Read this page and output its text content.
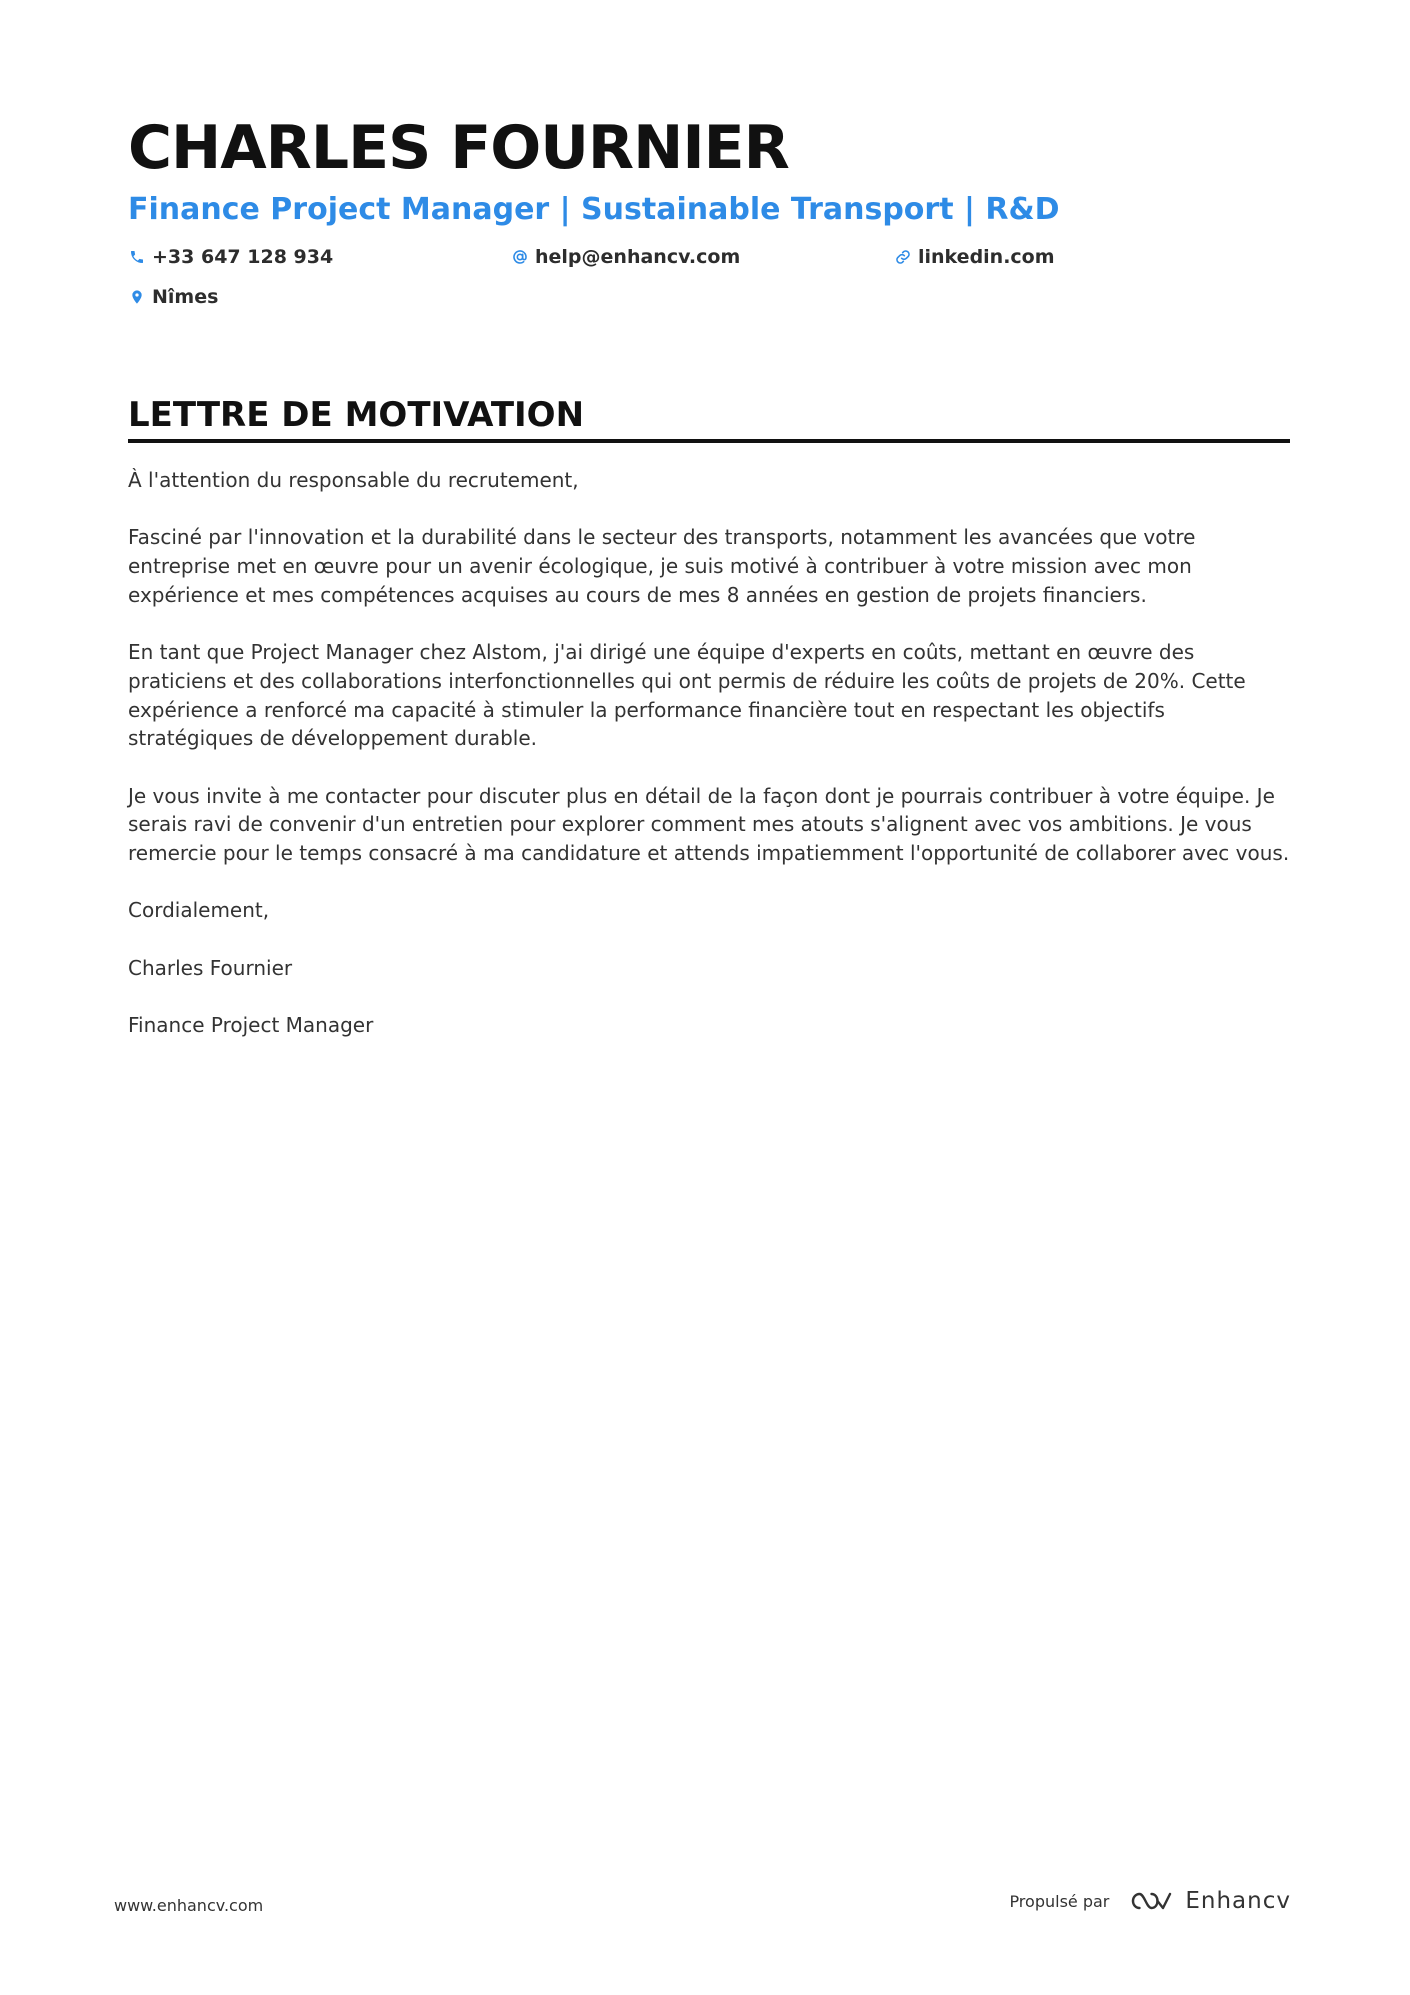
CHARLES FOURNIER
Finance Project Manager | Sustainable Transport | R&D
+33 647 128 934	help@enhancv.com	linkedin.com
Nîmes
LETTRE DE MOTIVATION

À l'attention du responsable du recrutement,

Fasciné par l'innovation et la durabilité dans le secteur des transports, notamment les avancées que votre entreprise met en œuvre pour un avenir écologique, je suis motivé à contribuer à votre mission avec mon expérience et mes compétences acquises au cours de mes 8 années en gestion de projets financiers.

En tant que Project Manager chez Alstom, j'ai dirigé une équipe d'experts en coûts, mettant en œuvre des praticiens et des collaborations interfonctionnelles qui ont permis de réduire les coûts de projets de 20%. Cette expérience a renforcé ma capacité à stimuler la performance financière tout en respectant les objectifs stratégiques de développement durable.

Je vous invite à me contacter pour discuter plus en détail de la façon dont je pourrais contribuer à votre équipe. Je serais ravi de convenir d'un entretien pour explorer comment mes atouts s'alignent avec vos ambitions. Je vous remercie pour le temps consacré à ma candidature et attends impatiemment l'opportunité de collaborer avec vous.

Cordialement,

Charles Fournier

Finance Project Manager

www.enhancv.com	Propulsé par	Enhancv
